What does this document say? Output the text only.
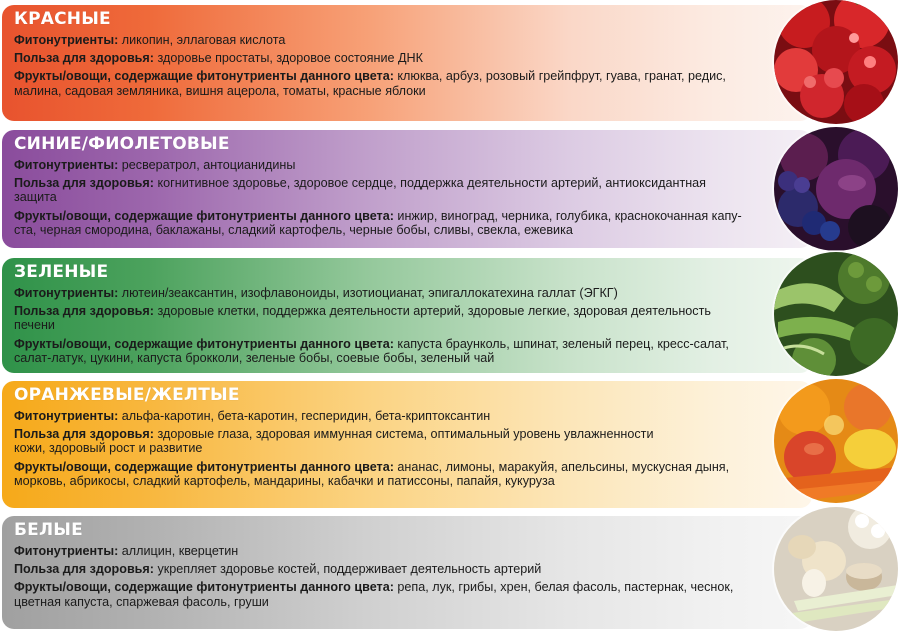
КРАСНЫЕ
Фитонутриенты: ликопин, эллаговая кислота
Польза для здоровья: здоровье простаты, здоровое состояние ДНК
Фрукты/овощи, содержащие фитонутриенты данного цвета: клюква, арбуз, розовый грейпфрут, гуава, гранат, редис,
малина, садовая земляника, вишня ацерола, томаты, красные яблоки
СИНИЕ/ФИОЛЕТОВЫЕ
Фитонутриенты: ресвератрол, антоцианидины
Польза для здоровья: когнитивное здоровье, здоровое сердце, поддержка деятельности артерий, антиоксидантная
защита
Фрукты/овощи, содержащие фитонутриенты данного цвета: инжир, виноград, черника, голубика, краснокочанная капу-
ста, черная смородина, баклажаны, сладкий картофель, черные бобы, сливы, свекла, ежевика
ЗЕЛЕНЫЕ
Фитонутриенты: лютеин/зеаксантин, изофлавоноиды, изотиоцианат, эпигаллокатехина галлат (ЭГКГ)
Польза для здоровья: здоровые клетки, поддержка деятельности артерий, здоровые легкие, здоровая деятельность
печени
Фрукты/овощи, содержащие фитонутриенты данного цвета: капуста браунколь, шпинат, зеленый перец, кресс-салат,
салат-латук, цукини, капуста брокколи, зеленые бобы, соевые бобы, зеленый чай
ОРАНЖЕВЫЕ/ЖЕЛТЫЕ
Фитонутриенты: альфа-каротин, бета-каротин, гесперидин, бета-криптоксантин
Польза для здоровья: здоровые глаза, здоровая иммунная система, оптимальный уровень увлажненности
кожи, здоровый рост и развитие
Фрукты/овощи, содержащие фитонутриенты данного цвета: ананас, лимоны, маракуйя, апельсины, мускусная дыня,
морковь, абрикосы, сладкий картофель, мандарины, кабачки и патиссоны, папайя, кукуруза
БЕЛЫЕ
Фитонутриенты: аллицин, кверцетин
Польза для здоровья: укрепляет здоровье костей, поддерживает деятельность артерий
Фрукты/овощи, содержащие фитонутриенты данного цвета: репа, лук, грибы, хрен, белая фасоль, пастернак, чеснок,
цветная капуста, спаржевая фасоль, груши
